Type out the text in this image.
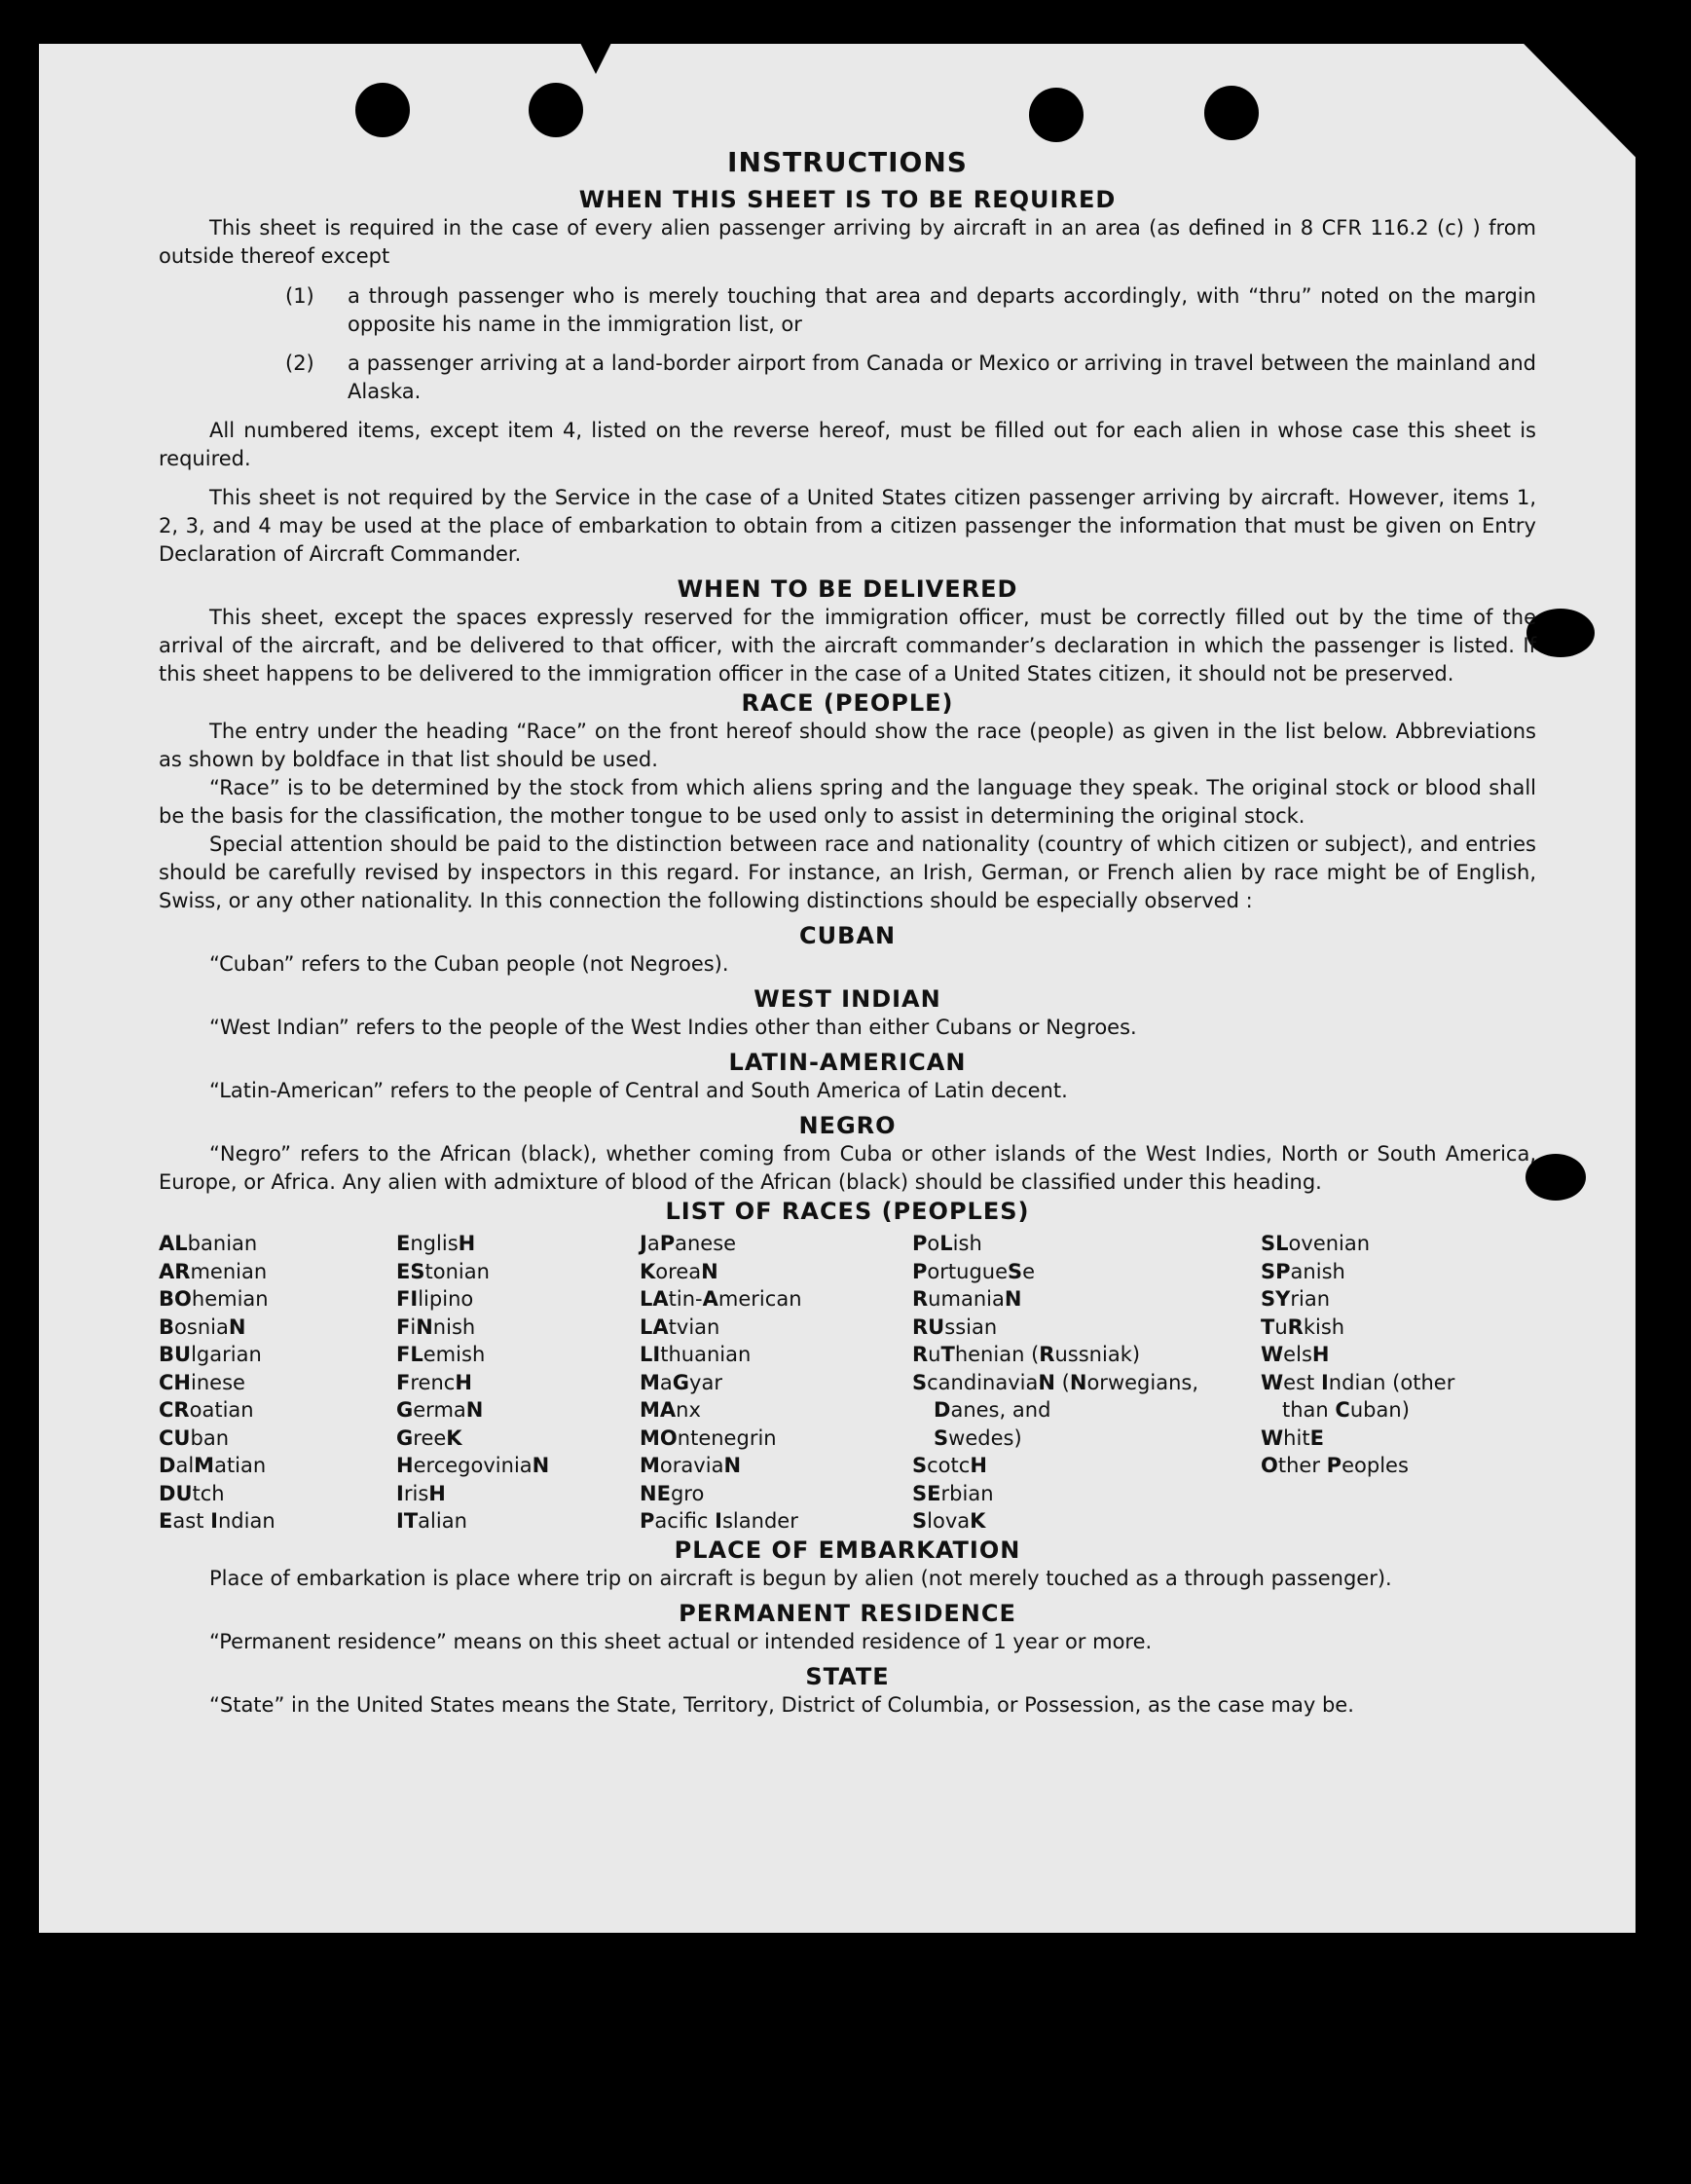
INSTRUCTIONS
WHEN THIS SHEET IS TO BE REQUIRED

This sheet is required in the case of every alien passenger arriving by aircraft in an area (as defined in 8 CFR 116.2 (c) ) from outside thereof except

(1) a through passenger who is merely touching that area and departs accordingly, with “thru” noted on the margin opposite his name in the immigration list, or

(2) a passenger arriving at a land-border airport from Canada or Mexico or arriving in travel between the mainland and Alaska.

All numbered items, except item 4, listed on the reverse hereof, must be filled out for each alien in whose case this sheet is required.

This sheet is not required by the Service in the case of a United States citizen passenger arriving by aircraft. However, items 1, 2, 3, and 4 may be used at the place of embarkation to obtain from a citizen passenger the information that must be given on Entry Declaration of Aircraft Commander.

WHEN TO BE DELIVERED

This sheet, except the spaces expressly reserved for the immigration officer, must be correctly filled out by the time of the arrival of the aircraft, and be delivered to that officer, with the aircraft commander’s declaration in which the passenger is listed. If this sheet happens to be delivered to the immigration officer in the case of a United States citizen, it should not be preserved.

RACE (PEOPLE)

The entry under the heading “Race” on the front hereof should show the race (people) as given in the list below. Abbreviations as shown by boldface in that list should be used.

“Race” is to be determined by the stock from which aliens spring and the language they speak. The original stock or blood shall be the basis for the classification, the mother tongue to be used only to assist in determining the original stock.

Special attention should be paid to the distinction between race and nationality (country of which citizen or subject), and entries should be carefully revised by inspectors in this regard. For instance, an Irish, German, or French alien by race might be of English, Swiss, or any other nationality. In this connection the following distinctions should be especially observed :

CUBAN

“Cuban” refers to the Cuban people (not Negroes).

WEST INDIAN

“West Indian” refers to the people of the West Indies other than either Cubans or Negroes.

LATIN-AMERICAN

“Latin-American” refers to the people of Central and South America of Latin decent.

NEGRO

“Negro” refers to the African (black), whether coming from Cuba or other islands of the West Indies, North or South America, Europe, or Africa. Any alien with admixture of blood of the African (black) should be classified under this heading.

LIST OF RACES (PEOPLES)
ALbanian
ARmenian
BOhemian
BosniaN
BUlgarian
CHinese
CRoatian
CUban
DalMatian
DUtch
East Indian
EnglisH
EStonian
FIlipino
FiNnish
FLemish
FrencH
GermaN
GreeK
HercegoviniaN
IrisH
ITalian
JaPanese
KoreaN
LAtin-American
LAtvian
LIthuanian
MaGyar
MAnx
MOntenegrin
MoraviaN
NEgro
Pacifc Islander
PoLish
PortugueSe
RumaniaN
RUssian
RuThenian (Russniak)
ScandinaviaN (Norwegians,
Danes, and
Swedes)
ScotcH
SErbian
SlovaK
SLovenian
SPanish
SYrian
TuRkish
WelsH
West Indian (other
than Cuban)
WhitE
Other Peoples
PLACE OF EMBARKATION

Place of embarkation is place where trip on aircraft is begun by alien (not merely touched as a through passenger).

PERMANENT RESIDENCE

“Permanent residence” means on this sheet actual or intended residence of 1 year or more.

STATE

“State” in the United States means the State, Territory, District of Columbia, or Possession, as the case may be.
